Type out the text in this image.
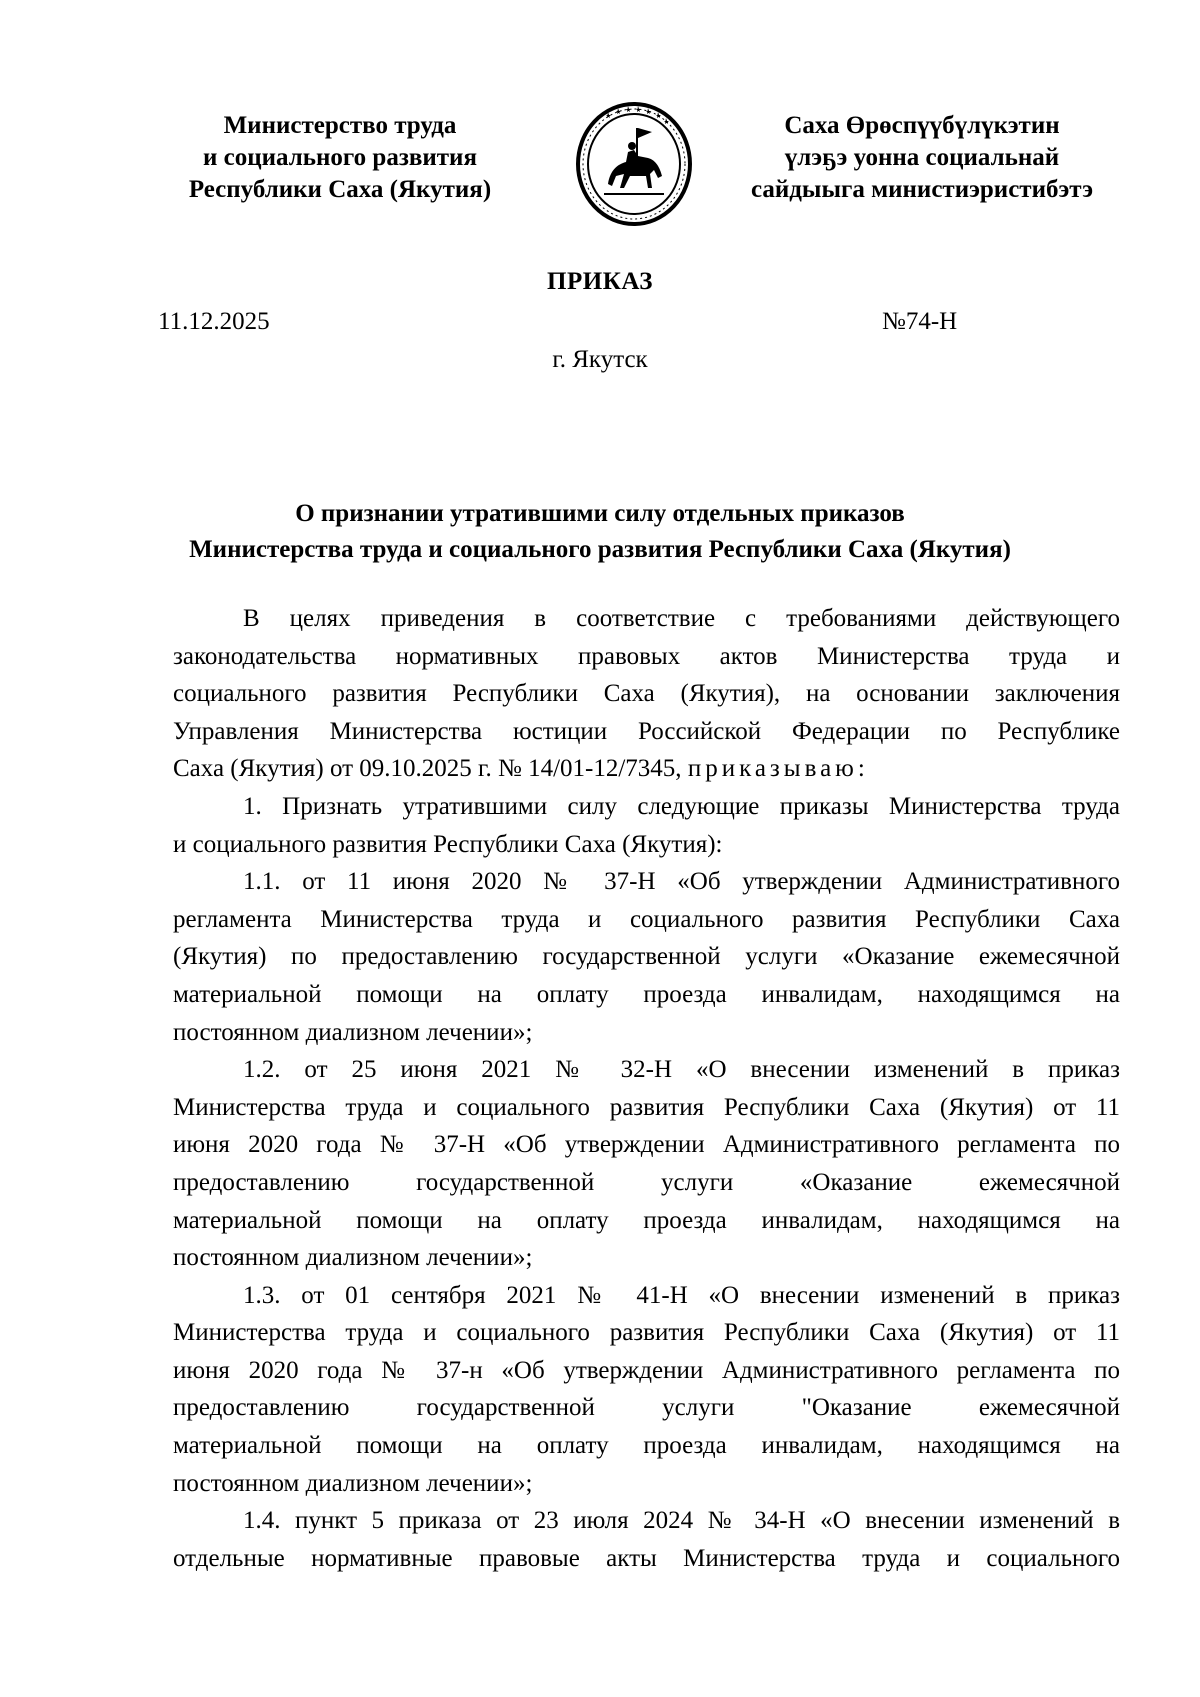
Министерство труда
и социального развития
Республики Саха (Якутия)
Саха Өрөспүүбүлүкэтин
үлэҕэ уонна социальнай
сайдыыга министиэристибэтэ
ПРИКАЗ
11.12.2025	№74-Н
г. Якутск
О признании утратившими силу отдельных приказов
Министерства труда и социального развития Республики Саха (Якутия)
В целях приведения в соответствие с требованиями действующего
законодательства нормативных правовых актов Министерства труда и
социального развития Республики Саха (Якутия), на основании заключения
Управления Министерства юстиции Российской Федерации по Республике
Саха (Якутия) от 09.10.2025 г. № 14/01-12/7345, приказываю:
1. Признать утратившими силу следующие приказы Министерства труда
и социального развития Республики Саха (Якутия):
1.1. от 11 июня 2020 № 37-Н «Об утверждении Административного
регламента Министерства труда и социального развития Республики Саха
(Якутия) по предоставлению государственной услуги «Оказание ежемесячной
материальной помощи на оплату проезда инвалидам, находящимся на
постоянном диализном лечении»;
1.2. от 25 июня 2021 № 32-Н «О внесении изменений в приказ
Министерства труда и социального развития Республики Саха (Якутия) от 11
июня 2020 года № 37-Н «Об утверждении Административного регламента по
предоставлению государственной услуги «Оказание ежемесячной
материальной помощи на оплату проезда инвалидам, находящимся на
постоянном диализном лечении»;
1.3. от 01 сентября 2021 № 41-Н «О внесении изменений в приказ
Министерства труда и социального развития Республики Саха (Якутия) от 11
июня 2020 года № 37-н «Об утверждении Административного регламента по
предоставлению государственной услуги "Оказание ежемесячной
материальной помощи на оплату проезда инвалидам, находящимся на
постоянном диализном лечении»;
1.4. пункт 5 приказа от 23 июля 2024 № 34-Н «О внесении изменений в
отдельные нормативные правовые акты Министерства труда и социального
